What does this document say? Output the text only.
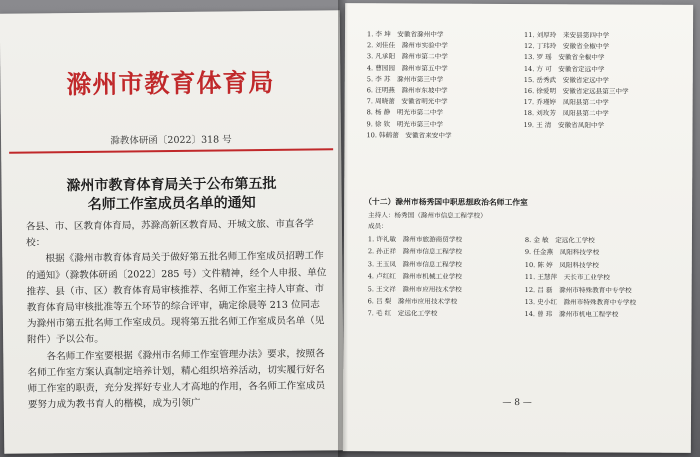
滁州市教育体育局
滁教体研函〔2022〕318 号
滁州市教育体育局关于公布第五批
名师工作室成员名单的通知

各县、市、区教育体育局，苏滁高新区教育局、开城文旅、市直各学校：

根据《滁州市教育体育局关于做好第五批名师工作室成员招聘工作的通知》（滁教体研函〔2022〕285 号）文件精神，经个人申报、单位推荐、县（市、区）教育体育局审核推荐、名师工作室主持人审查、市教育体育局审核批准等五个环节的综合评审，确定徐晨等 213 位同志为滁州市第五批名师工作室成员。现将第五批名师工作室成员名单（见附件）予以公布。

各名师工作室要根据《滁州市名师工作室管理办法》要求，按照各名师工作室方案认真制定培养计划，精心组织培养活动，切实履行好名师工作室的职责，充分发挥好专业人才高地的作用，各名师工作室成员要努力成为教书育人的楷模，成为引领广

1. 李 坤　安徽省滁州中学	11. 刘厚玲　来安县第四中学
2. 刘佳佳　滁州市实验中学	12. 丁玮玲　安徽省全椒中学
3. 凡承阳　滁州市第二中学	13. 罗 瑶　安徽省全椒中学
4. 曹园园　滁州市第五中学	14. 方 可　安徽省定远中学
5. 李 苏　滁州市第三中学	15. 岳秀武　安徽省定远中学
6. 汪明燕　滁州市东坡中学	16. 徐爱明　安徽省定远县第三中学
7. 周晓蕾　安徽省明光中学	17. 乔瑾婷　凤阳县第二中学
8. 杨 静　明光市第二中学	18. 刘玫芳　凤阳县第二中学
9. 徐 钦　明光市第三中学	19. 王 清　安徽省凤阳中学
10. 韩鹤蕾　安徽省来安中学
（十二）滁州市杨秀国中职思想政治名师工作室
主持人：杨秀国（滁州市信息工程学校）
成员：
1. 许礼敏　滁州市旅游商贸学校	8. 金 敏　定远化工学校
2. 孙正祥　滁州市信息工程学校	9. 任金燕　凤阳科技学校
3. 王玉凤　滁州市信息工程学校	10. 陈 婷　凤阳科技学校
4. 卢红红　滁州市机械工业学校	11. 王慧萍　天长市工业学校
5. 王文祥　滁州市应用技术学校	12. 吕 磊　滁州市特殊教育中专学校
6. 吕 梨　滁州市应用技术学校	13. 史小红　滁州市特殊教育中专学校
7. 毛 红　定远化工学校	14. 曾 玮　滁州市机电工程学校
— 8 —
